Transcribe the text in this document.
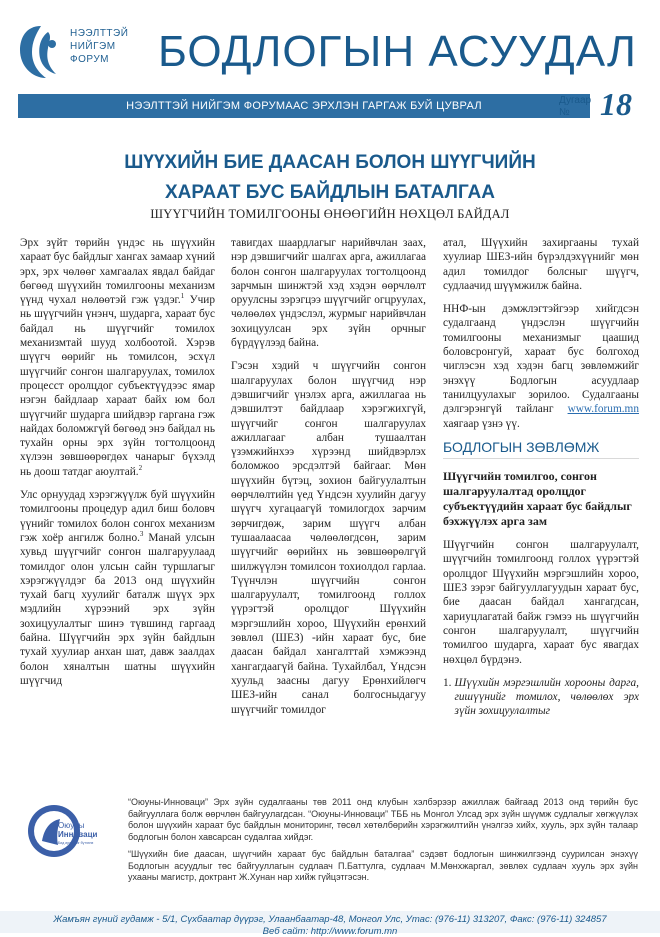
НЭЭЛТТЭЙ
НИЙГЭМ
ФОРУМ	БОДЛОГЫН АСУУДАЛ
НЭЭЛТТЭЙ НИЙГЭМ ФОРУМААС ЭРХЛЭН ГАРГАЖ БУЙ ЦУВРАЛ	Дугаар
№ 18
ШҮҮХИЙН БИЕ ДААСАН БОЛОН ШҮҮГЧИЙН
ХАРААТ БУС БАЙДЛЫН БАТАЛГАА
ШҮҮГЧИЙН ТОМИЛГООНЫ ӨНӨӨГИЙН НӨХЦӨЛ БАЙДАЛ

Эрх зүйт төрийн үндэс нь шүүхийн хараат бус байдлыг хангах замаар хүний эрх, эрх чөлөөг хамгаалах явдал байдаг бөгөөд шүүхийн томилгооны механизм үүнд чухал нөлөөтэй гэж үздэг.$^1$ Учир нь шүүгчийн үнэнч, шударга, хараат бус байдал нь шүүгчийг томилох механизмтай шууд холбоотой. Хэрэв шүүгч өөрийг нь томилсон, эсхүл шүүгчийг сонгон шалгаруулах, томилох процесст оролцдог субъектүүдээс ямар нэгэн байдлаар хараат байх юм бол шүүгчийг шударга шийдвэр гаргана гэж найдах боломжгүй бөгөөд энэ байдал нь тухайн орны эрх зүйн тогтолцоонд хүлээн зөвшөөрөгдөх чанарыг бүхэлд нь доош татдаг аюултай.$^2$

Улс орнуудад хэрэгжүүлж буй шүүхийн томилгооны процедур адил биш боловч үүнийг томилох болон сонгох механизм гэж хоёр ангилж болно.$^3$ Манай улсын хувьд шүүгчийг сонгон шалгаруулаад томилдог олон улсын сайн туршлагыг хэрэгжүүлдэг ба 2013 онд шүүхийн тухай багц хуулийг баталж шүүх эрх мэдлийн хүрээний эрх зүйн зохицуулалтыг шинэ түвшинд гаргаад байна. Шүүгчийн эрх зүйн байдлын тухай хуулиар анхан шат, давж заалдах болон хяналтын шатны шүүхийн шүүгчид

тавигдах шаардлагыг нарийвчлан заах, нэр дэвшигчийг шалгах арга, ажиллагаа болон сонгон шалгаруулах тогтолцоонд зарчмын шинжтэй хэд хэдэн өөрчлөлт оруулсны зэрэгцээ шүүгчийг огцруулах, чөлөөлөх үндэслэл, журмыг нарийвчлан зохицуулсан эрх зүйн орчныг бүрдүүлээд байна.

Гэсэн хэдий ч шүүгчийн сонгон шалгаруулах болон шүүгчид нэр дэвшигчийг үнэлэх арга, ажиллагаа нь дэвшилтэт байдлаар хэрэгжихгүй, шүүгчийг сонгон шалгаруулах ажиллагааг албан тушаалтан үзэмжийнхээ хүрээнд шийдвэрлэх боломжоо эрсдэлтэй байгааг. Мөн шүүхийн бүтэц, зохион байгуулалтын өөрчлөлтийн үед Үндсэн хуулийн дагуу шүүгч хугацаагүй томилогдох зарчим зөрчигдөж, зарим шүүгч албан тушаалаасаа чөлөөлөгдсөн, зарим шүүгчийг өөрийнх нь зөвшөөрөлгүй шилжүүлэн томилсон тохиолдол гарлаа. Түүнчлэн шүүгчийн сонгон шалгаруулалт, томилгоонд голлох үүрэгтэй оролцдог Шүүхийн мэргэшлийн хороо, Шүүхийн ерөнхий зөвлөл (ШЕЗ) -ийн хараат бус, бие даасан байдал хангалттай хэмжээнд хангагдаагүй байна. Тухайлбал, Үндсэн хуульд заасны дагуу Ерөнхийлөгч ШЕЗ-ийн санал болгосныдагуу шүүгчийг томилдог

атал, Шүүхийн захиргааны тухай хуулиар ШЕЗ-ийн бүрэлдэхүүнийг мөн адил томилдог болсныг шүүгч, судлаачид шүүмжилж байна.

ННФ-ын дэмжлэгтэйгээр хийгдсэн судалгаанд үндэслэн шүүгчийн томилгооны механизмыг цаашид боловсронгуй, хараат бус болгоход чиглэсэн хэд хэдэн багц зөвлөмжийг энэхүү Бодлогын асуудлаар танилцуулахыг зорилоо. Судалгааны дэлгэрэнгүй тайланг www.forum.mn хаягаар үзнэ үү.

БОДЛОГЫН ЗӨВЛӨМЖ

Шүүгчийн томилгоо, сонгон шалгаруулалтад оролцдог субъектүүдийн хараат бус байдлыг бэхжүүлэх арга зам

Шүүгчийн сонгон шалгаруулалт, шүүгчийн томилгоонд голлох үүрэгтэй оролцдог Шүүхийн мэргэшлийн хороо, ШЕЗ зэрэг байгууллагуудын хараат бус, бие даасан байдал хангагдсан, хариуцлагатай байж гэмээ нь шүүгчийн сонгон шалгаруулалт, шүүгчийн томилгоо шударга, хараат бус явагдах нөхцөл бүрдэнэ.

1. Шүүхийн мэргэшлийн хорооны дарга, гишүүнийг томилох, чөлөөлөх эрх зүйн зохицуулалтыг
Оюуны
Инноваци
Бид ирээдүйг бүтээнэ

“Оюуны-Инноваци” Эрх зүйн судалгааны төв 2011 онд клубын хэлбэрээр ажиллаж байгаад 2013 онд төрийн бус байгууллага болж өөрчлөн байгуулагдсан. “Оюуны-Инноваци” ТББ нь Монгол Улсад эрх зүйн шүүмж судлалыг хөгжүүлэх болон шүүхийн хараат бус байдлын мониторинг, төсөл хөтөлбөрийн хэрэгжилтийн үнэлгээ хийх, хууль, эрх зүйн талаар бодлогын болон хавсарсан судалгаа хийдэг.

“Шүүхийн бие даасан, шүүгчийн хараат бус байдлын баталгаа” сэдэвт бодлогын шинжилгээнд суурилсан энэхүү Бодлогын асуудлыг төс байгууллагын судлаач П.Баттулга, судлаач М.Мөнхжаргал, зөвлөх судлаач хууль эрх зүйн ухааны магистр, доктрант Ж.Хунан нар хийж гүйцэтгэсэн.

Жамъян гүний гудамж - 5/1, Сүхбаатар дүүрэг, Улаанбаатар-48, Монгол Улс, Утас: (976-11) 313207, Факс: (976-11) 324857
Веб сайт: http://www.forum.mn
